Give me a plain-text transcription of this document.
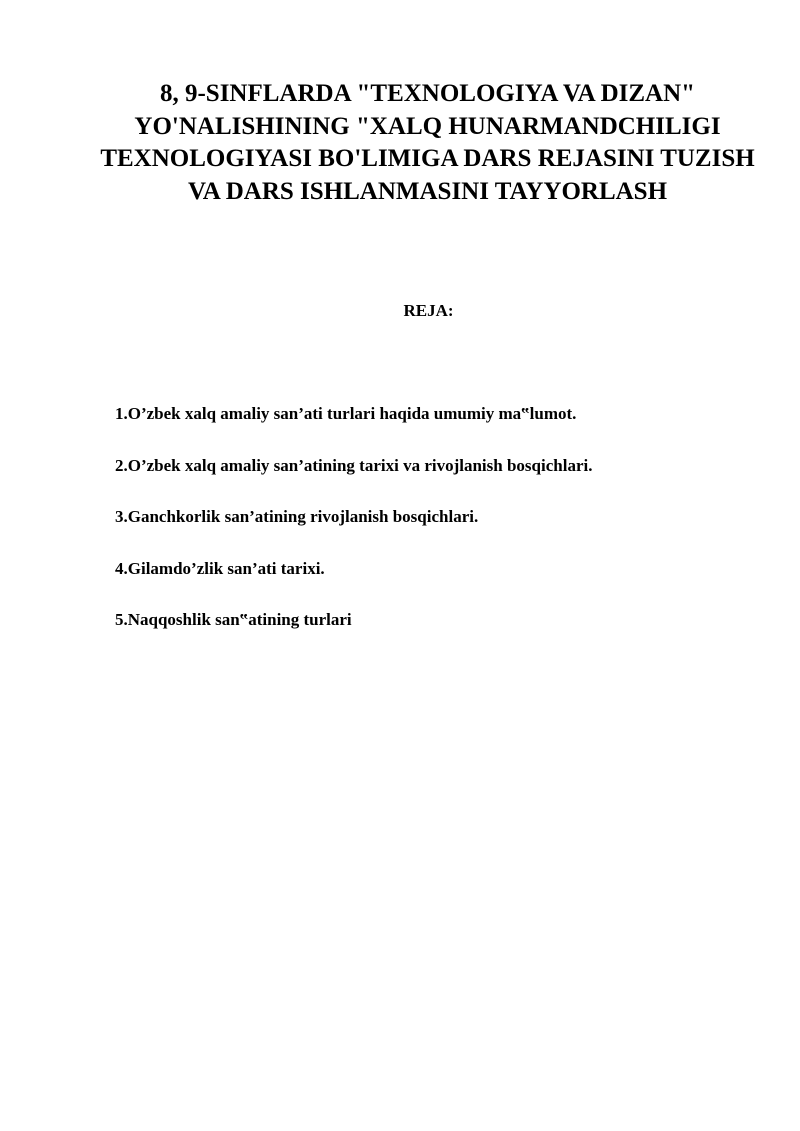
8, 9-SINFLARDA "TEXNOLOGIYA VA DIZAN" YO'NALISHINING "XALQ HUNARMANDCHILIGI TEXNOLOGIYASI BO'LIMIGA DARS REJASINI TUZISH VA DARS ISHLANMASINI TAYYORLASH

REJA:

1.O’zbek xalq amaliy san’ati turlari haqida umumiy ma‟lumot.
2.O’zbek xalq amaliy san’atining tarixi va rivojlanish bosqichlari.
3.Ganchkorlik san’atining rivojlanish bosqichlari.
4.Gilamdo’zlik san’ati tarixi.
5.Naqqoshlik san‟atining turlari
